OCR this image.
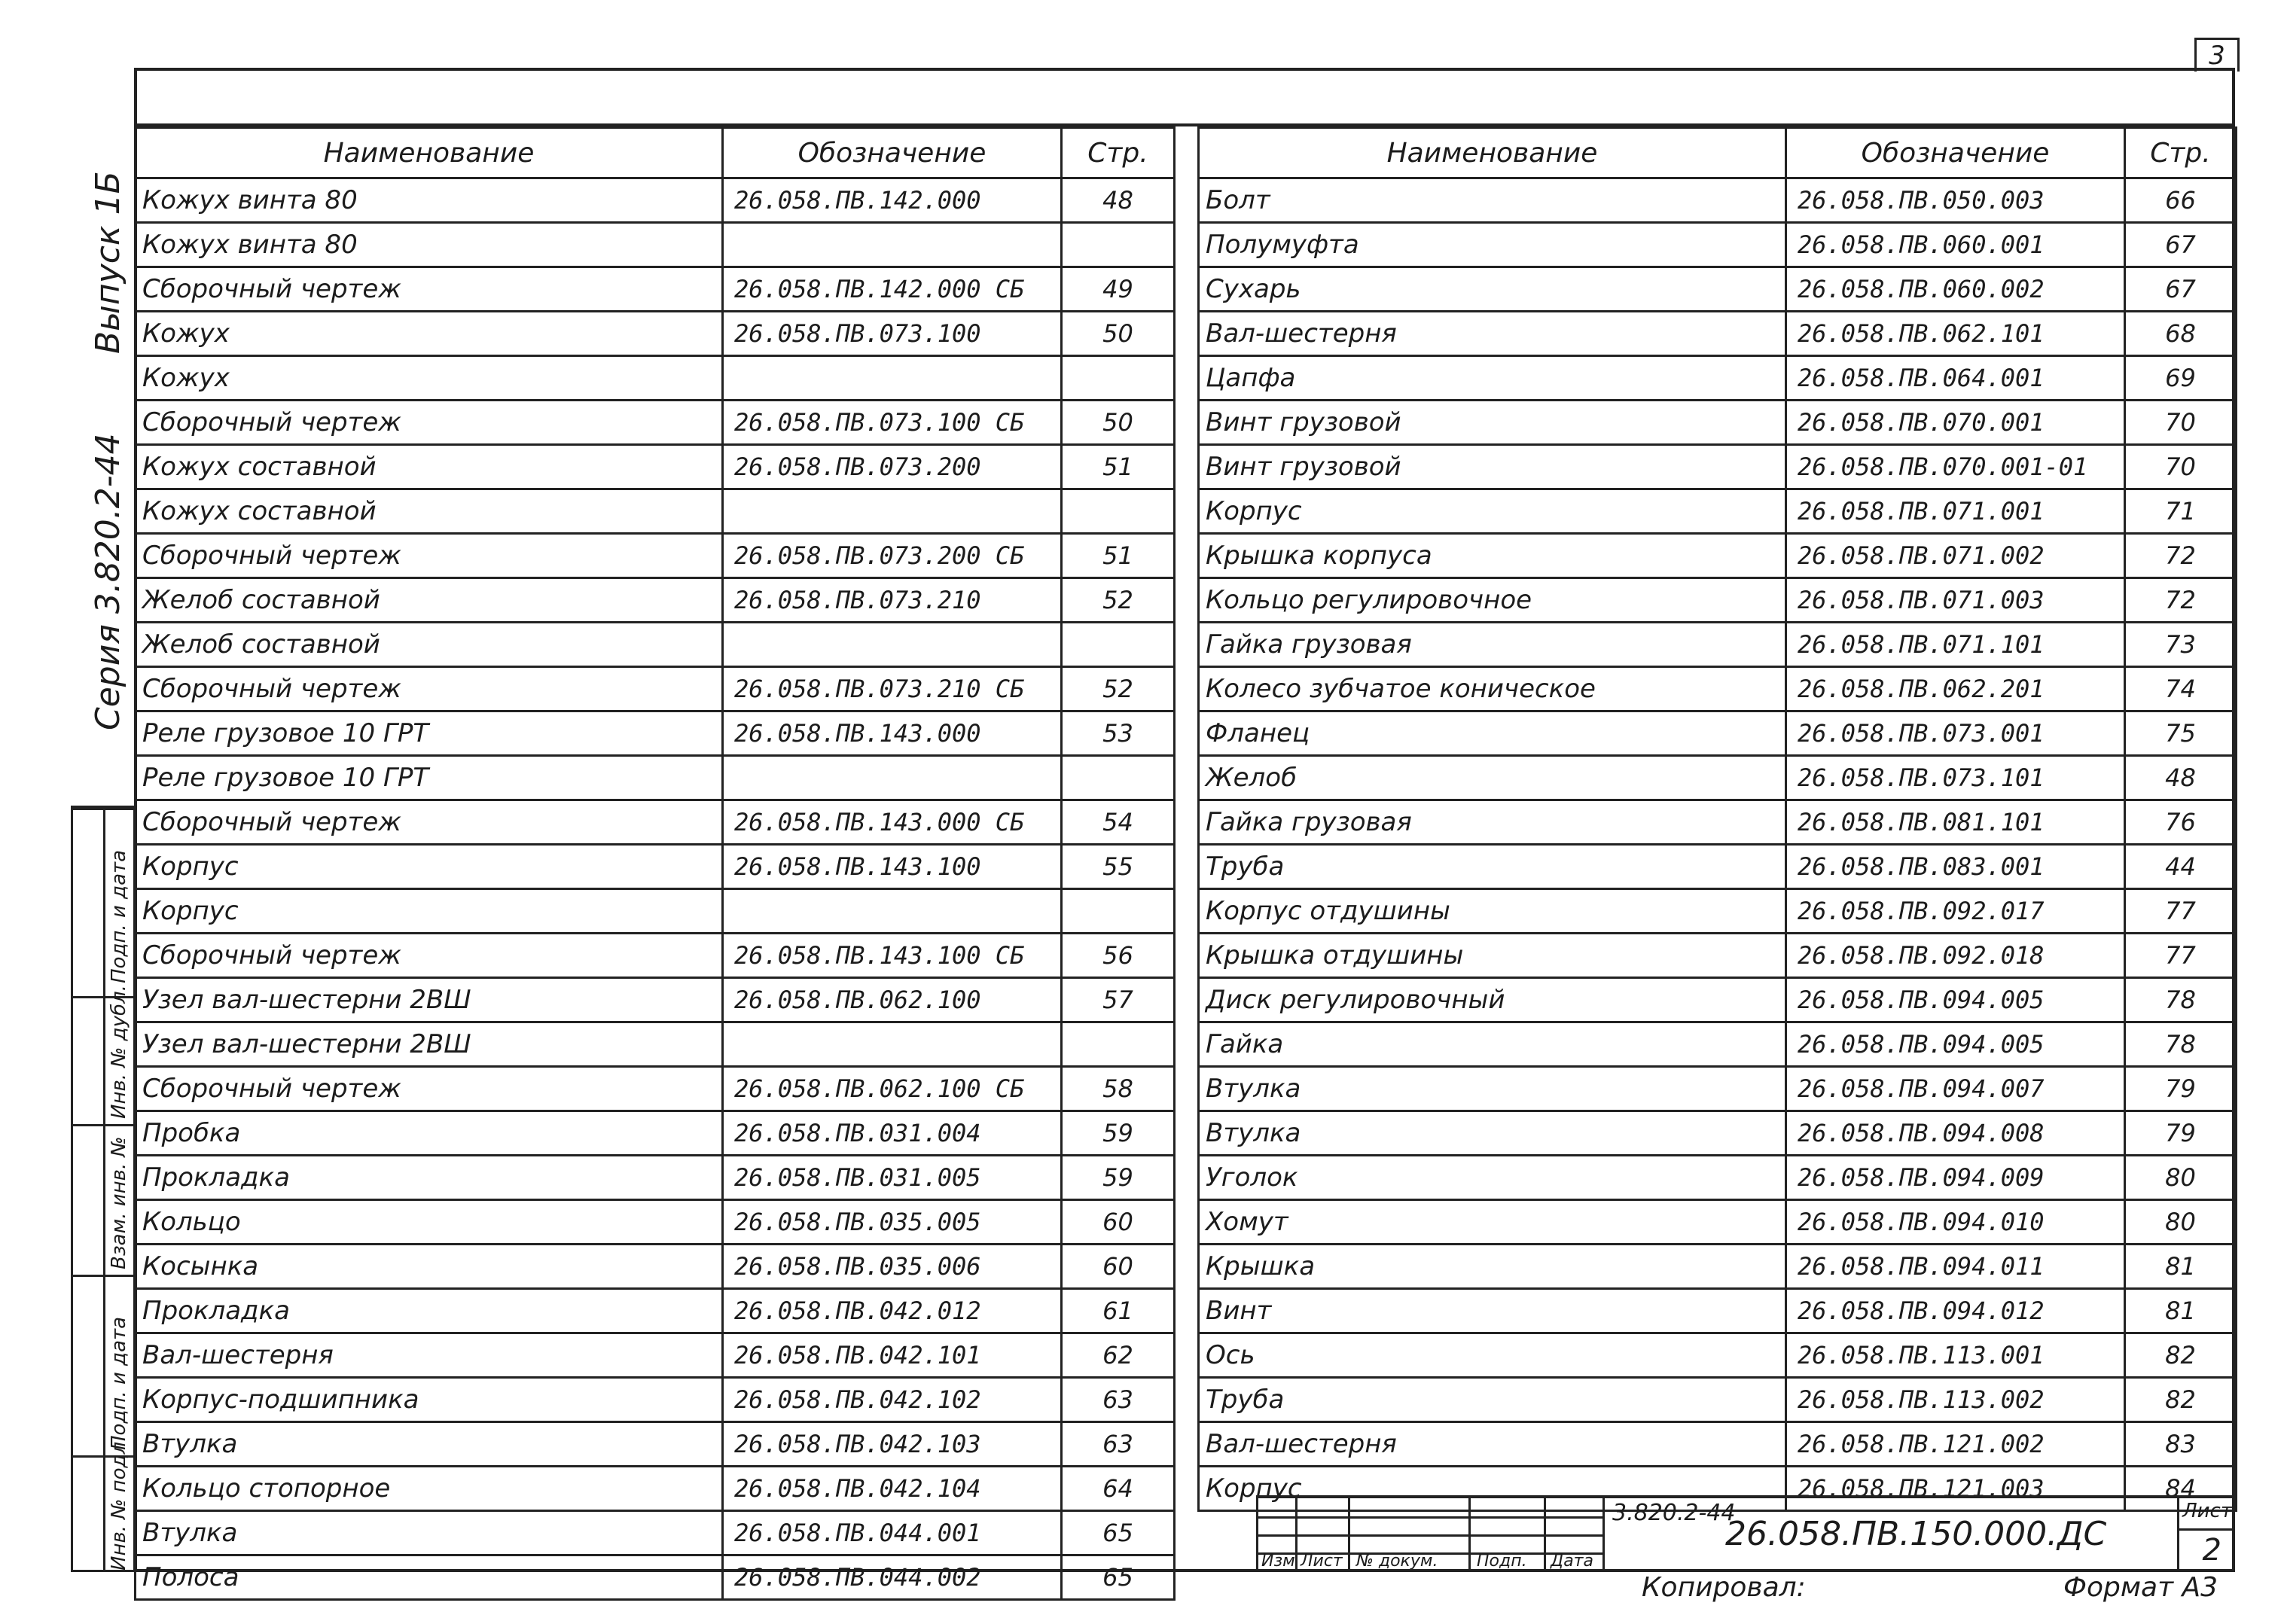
3
Выпуск 1Б
Серия 3.820.2-44
Подп. и дата
Инв. № дубл.
Взам. инв. №
Подп. и дата
Инв. № подл.
Наименование	Обозначение	Стр.
Кожух винта 80	26.058.ПВ.142.000	48
Кожух винта 80		
Сборочный чертеж	26.058.ПВ.142.000 СБ	49
Кожух	26.058.ПВ.073.100	50
Кожух		
Сборочный чертеж	26.058.ПВ.073.100 СБ	50
Кожух составной	26.058.ПВ.073.200	51
Кожух составной		
Сборочный чертеж	26.058.ПВ.073.200 СБ	51
Желоб составной	26.058.ПВ.073.210	52
Желоб составной		
Сборочный чертеж	26.058.ПВ.073.210 СБ	52
Реле грузовое 10 ГРТ	26.058.ПВ.143.000	53
Реле грузовое 10 ГРТ		
Сборочный чертеж	26.058.ПВ.143.000 СБ	54
Корпус	26.058.ПВ.143.100	55
Корпус		
Сборочный чертеж	26.058.ПВ.143.100 СБ	56
Узел вал-шестерни 2ВШ	26.058.ПВ.062.100	57
Узел вал-шестерни 2ВШ		
Сборочный чертеж	26.058.ПВ.062.100 СБ	58
Пробка	26.058.ПВ.031.004	59
Прокладка	26.058.ПВ.031.005	59
Кольцо	26.058.ПВ.035.005	60
Косынка	26.058.ПВ.035.006	60
Прокладка	26.058.ПВ.042.012	61
Вал-шестерня	26.058.ПВ.042.101	62
Корпус-подшипника	26.058.ПВ.042.102	63
Втулка	26.058.ПВ.042.103	63
Кольцо стопорное	26.058.ПВ.042.104	64
Втулка	26.058.ПВ.044.001	65
Полоса	26.058.ПВ.044.002	65
Наименование	Обозначение	Стр.
Болт	26.058.ПВ.050.003	66
Полумуфта	26.058.ПВ.060.001	67
Сухарь	26.058.ПВ.060.002	67
Вал-шестерня	26.058.ПВ.062.101	68
Цапфа	26.058.ПВ.064.001	69
Винт грузовой	26.058.ПВ.070.001	70
Винт грузовой	26.058.ПВ.070.001-01	70
Корпус	26.058.ПВ.071.001	71
Крышка корпуса	26.058.ПВ.071.002	72
Кольцо регулировочное	26.058.ПВ.071.003	72
Гайка грузовая	26.058.ПВ.071.101	73
Колесо зубчатое коническое	26.058.ПВ.062.201	74
Фланец	26.058.ПВ.073.001	75
Желоб	26.058.ПВ.073.101	48
Гайка грузовая	26.058.ПВ.081.101	76
Труба	26.058.ПВ.083.001	44
Корпус отдушины	26.058.ПВ.092.017	77
Крышка отдушины	26.058.ПВ.092.018	77
Диск регулировочный	26.058.ПВ.094.005	78
Гайка	26.058.ПВ.094.005	78
Втулка	26.058.ПВ.094.007	79
Втулка	26.058.ПВ.094.008	79
Уголок	26.058.ПВ.094.009	80
Хомут	26.058.ПВ.094.010	80
Крышка	26.058.ПВ.094.011	81
Винт	26.058.ПВ.094.012	81
Ось	26.058.ПВ.113.001	82
Труба	26.058.ПВ.113.002	82
Вал-шестерня	26.058.ПВ.121.002	83
Корпус	26.058.ПВ.121.003	84
Изм Лист № докум. Подп. Дата
3.820.2-44
26.058.ПВ.150.000.ДС
Лист
2
Копировал:	Формат А3
